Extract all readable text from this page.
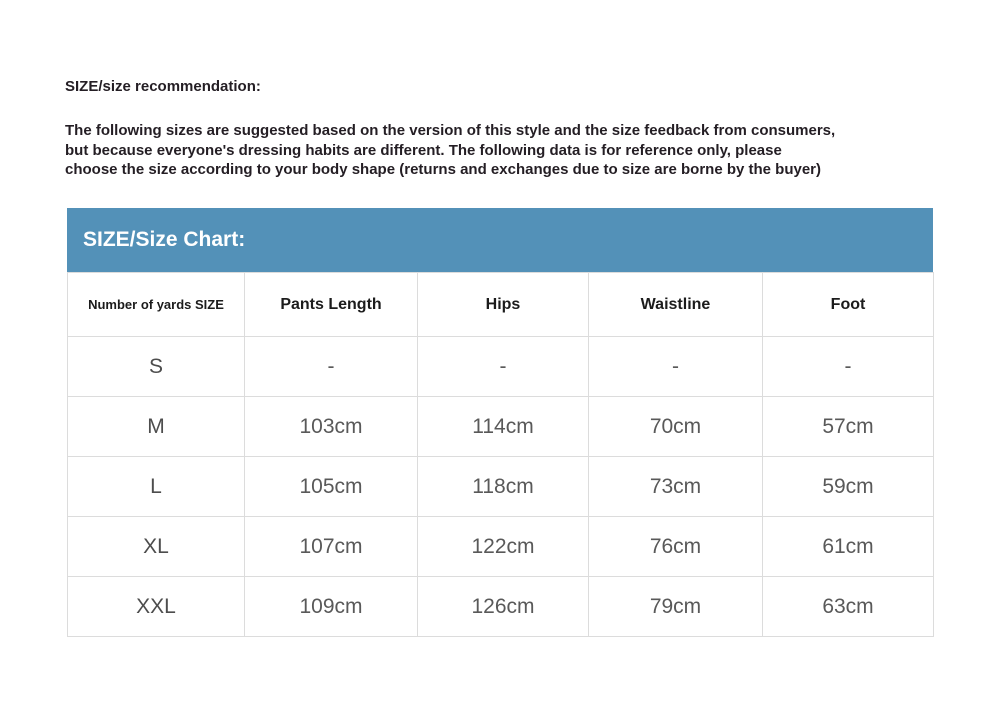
SIZE/size recommendation:
The following sizes are suggested based on the version of this style and the size feedback from consumers,
but because everyone's dressing habits are different. The following data is for reference only, please
choose the size according to your body shape (returns and exchanges due to size are borne by the buyer)
SIZE/Size Chart:
Number of yards SIZE	Pants Length	Hips	Waistline	Foot
S	-	-	-	-
M	103cm	114cm	70cm	57cm
L	105cm	118cm	73cm	59cm
XL	107cm	122cm	76cm	61cm
XXL	109cm	126cm	79cm	63cm
